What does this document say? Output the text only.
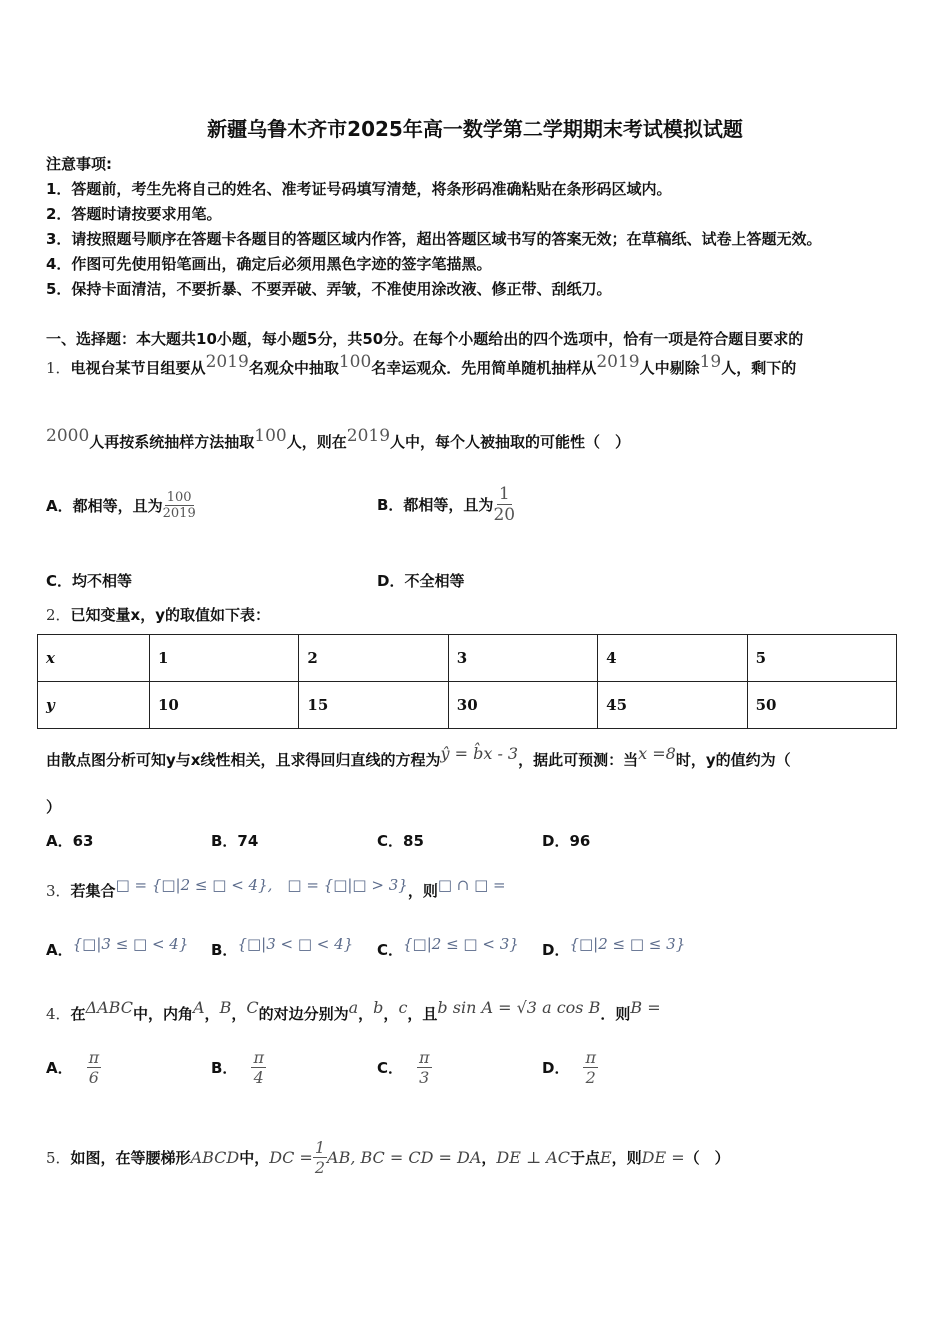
新疆乌鲁木齐市2025年高一数学第二学期期末考试模拟试题
注意事项:
1．答题前，考生先将自己的姓名、准考证号码填写清楚，将条形码准确粘贴在条形码区域内。
2．答题时请按要求用笔。
3．请按照题号顺序在答题卡各题目的答题区域内作答，超出答题区域书写的答案无效；在草稿纸、试卷上答题无效。
4．作图可先使用铅笔画出，确定后必须用黑色字迹的签字笔描黑。
5．保持卡面清洁，不要折暴、不要弄破、弄皱，不准使用涂改液、修正带、刮纸刀。
一、选择题：本大题共10小题，每小题5分，共50分。在每个小题给出的四个选项中，恰有一项是符合题目要求的
1．电视台某节目组要从$^{2019}$名观众中抽取$^{100}$名幸运观众．先用简单随机抽样从$^{2019}$人中剔除$^{19}$人，剩下的
$^{2000}$人再按系统抽样方法抽取$^{100}$人，则在$^{2019}$人中，每个人被抽取的可能性（　）
A．都相等，且为 $\frac{100}{2019}$	B．都相等，且为 $\frac{1}{20}$
C．均不相等	D．不全相等
2．已知变量x，y的取值如下表：
x	1	2	3	4	5
y	10	15	30	45	50
由散点图分析可知y与x线性相关，且求得回归直线的方程为$^{ŷ = b̂x - 3}$，据此可预测：当$^{x =8}$时，y的值约为（
）
A．63	B．74	C．85	D．96
3．若集合$^{□ = \{□|2 \le □ < 4\}, □ = \{□|□ > 3\}}$，则□ ∩ □ =
A．$^{\{□|3 \le □ < 4\}}$ B．$^{\{□|3 < □ < 4\}}$ C．$^{\{□|2 \le □ < 3\}}$ D．$^{\{□|2 \le □ \le 3\}}$
4．在$^{\Delta ABC}$中，内角$^A$，$^B$，$^C$的对边分别为$^a$，$^b$，$^c$，且$^{b sin A = √3 a cos B}$．则$^{B =}$
A． $\frac{\pi}{6}$	B． $\frac{\pi}{4}$	C． $\frac{\pi}{3}$	D． $\frac{\pi}{2}$
5． 如图，在等腰梯形 ABCD 中， DC = $\frac{1}{2}$ AB, BC = CD = DA ， DE ⊥ AC 于点 E ，则 DE = （　）
